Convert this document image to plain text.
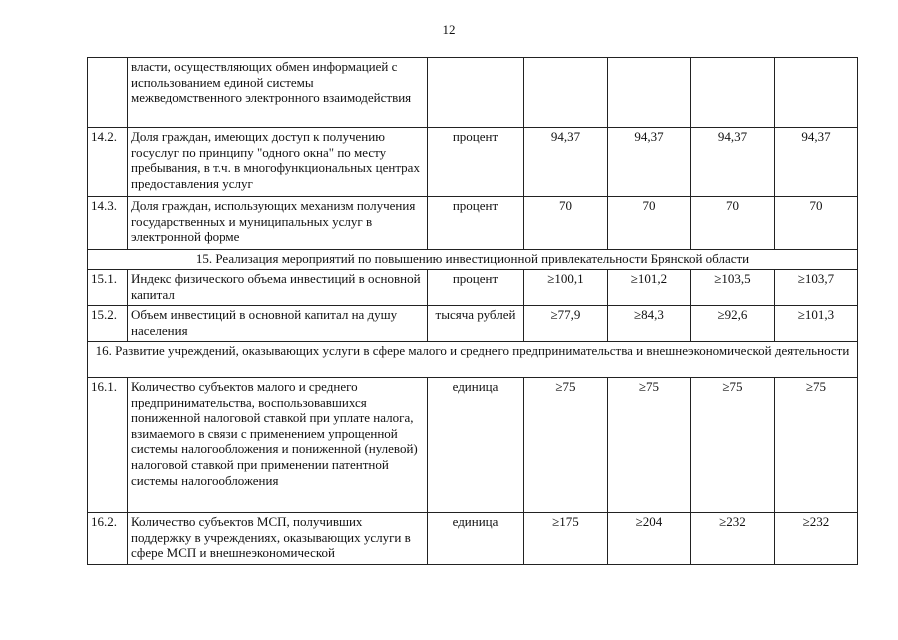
12
	власти, осуществляющих обмен информацией с использованием единой системы межведомственного электронного взаимодействия					
14.2.	Доля граждан, имеющих доступ к получению госуслуг по принципу "одного окна" по месту пребывания, в т.ч. в многофункциональных центрах предоставления услуг	процент	94,37	94,37	94,37	94,37
14.3.	Доля граждан, использующих механизм получения государственных и муниципальных услуг в электронной форме	процент	70	70	70	70
15. Реализация мероприятий по повышению инвестиционной привлекательности Брянской области						
15.1.	Индекс физического объема инвестиций в основной капитал	процент	≥100,1	≥101,2	≥103,5	≥103,7
15.2.	Объем инвестиций в основной капитал на душу населения	тысяча рублей	≥77,9	≥84,3	≥92,6	≥101,3
16. Развитие учреждений, оказывающих услуги в сфере малого и среднего предпринимательства и внешнеэкономической деятельности						
16.1.	Количество субъектов малого и среднего предпринимательства, воспользовавшихся пониженной налоговой ставкой при уплате налога, взимаемого в связи с применением упрощенной системы налогообложения и пониженной (нулевой) налоговой ставкой при применении патентной системы налогообложения	единица	≥75	≥75	≥75	≥75
16.2.	Количество субъектов МСП, получивших поддержку в учреждениях, оказывающих услуги в сфере МСП и внешнеэкономической	единица	≥175	≥204	≥232	≥232
